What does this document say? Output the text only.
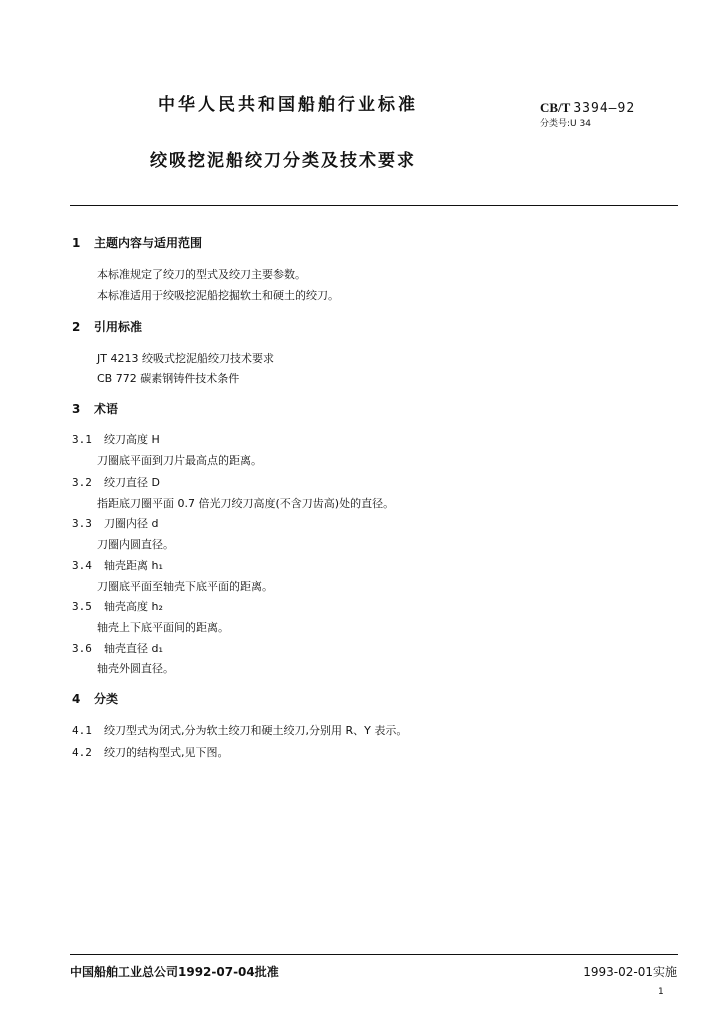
中华人民共和国船舶行业标准	CB/T 3394—92
分类号:U 34
绞吸挖泥船绞刀分类及技术要求
1 主题内容与适用范围
本标准规定了绞刀的型式及绞刀主要参数。
本标准适用于绞吸挖泥船挖掘软土和硬土的绞刀。
2 引用标准
JT 4213 绞吸式挖泥船绞刀技术要求
CB 772 碳素钢铸件技术条件
3 术语
3.1 绞刀高度 H
刀圈底平面到刀片最高点的距离。
3.2 绞刀直径 D
指距底刀圈平面 0.7 倍光刀绞刀高度(不含刀齿高)处的直径。
3.3 刀圈内径 d
刀圈内圆直径。
3.4 轴壳距离 h₁
刀圈底平面至轴壳下底平面的距离。
3.5 轴壳高度 h₂
轴壳上下底平面间的距离。
3.6 轴壳直径 d₁
轴壳外圆直径。
4 分类
4.1 绞刀型式为闭式,分为软土绞刀和硬土绞刀,分别用 R、Y 表示。
4.2 绞刀的结构型式,见下图。
中国船舶工业总公司1992-07-04批准	1993-02-01实施
1
